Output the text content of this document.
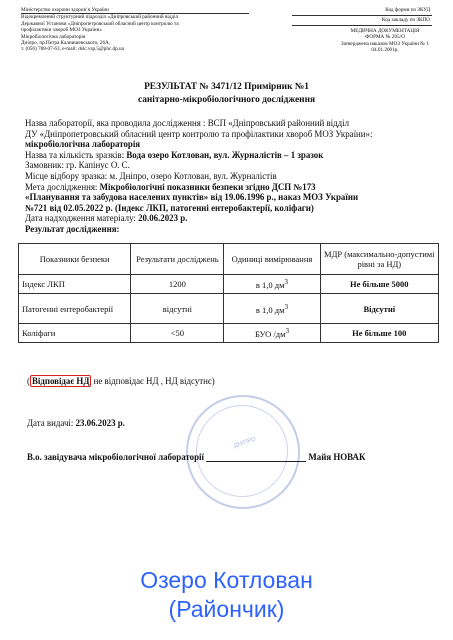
Міністерство охорони здоров’я України
Відокремлений структурний підрозділ «Дніпровський районний відділ
Державної Установи «Дніпропетровський обласний центр контролю та
профілактики хвороб МОЗ України»
Мікробіологічна лабораторія
Дніпро, пр.Петра Калнишевського, 26А,
т. (056) 788-07-63, e-mail: dslc.vsp.5@phc.dp.ua
Код форми по ЗКУД
Код закладу по ЗКПО
МЕДИЧНА ДОКУМЕНТАЦІЯ
ФОРМА № 205/О
Затверджена наказом МОЗ України № 1
04.01.2001р.
РЕЗУЛЬТАТ № 3471/12 Примірник №1
санітарно-мікробіологічного дослідження
Назва лабораторії, яка проводила дослідження : ВСП «Дніпровський районний відділ
ДУ «Дніпропетровський обласний центр контролю та профілактики хвороб МОЗ України»:
мікробіологічна лабораторія
Назва та кількість зразків: Вода озеро Котлован, вул. Журналістів – 1 зразок
Замовник: гр. Капінус О. С.
Місце відбору зразка: м. Дніпро, озеро Котлован, вул. Журналістів
Мета дослідження: Мікробіологічні показники безпеки згідно ДСП №173
«Планування та забудова населених пунктів» від 19.06.1996 р., наказ МОЗ України
№721 від 02.05.2022 р. (Індекс ЛКП, патогенні ентеробактерії, коліфаги)
Дата надходження матеріалу: 20.06.2023 р.
Результат дослідження:
Показники безпеки	Результати досліджень	Одиниці вимірювання	МДР (максимально-допустимі рівні за НД)
Індекс ЛКП	1200	в 1,0 $дм^3$	Не більше 5000
Патогенні ентеробактерії	відсутні	в 1,0 $дм^3$	Відсутні
Коліфаги	<50	БУО $/дм^3$	Не більше 100
( Відповідає НД не відповідає НД , НД відсутнє)
ДНІПРО
Дата видачі: 23.06.2023 р.
В.о. завідувача мікробіологічної лабораторії	Майя НОВАК
Озеро Котлован
(Райончик)
